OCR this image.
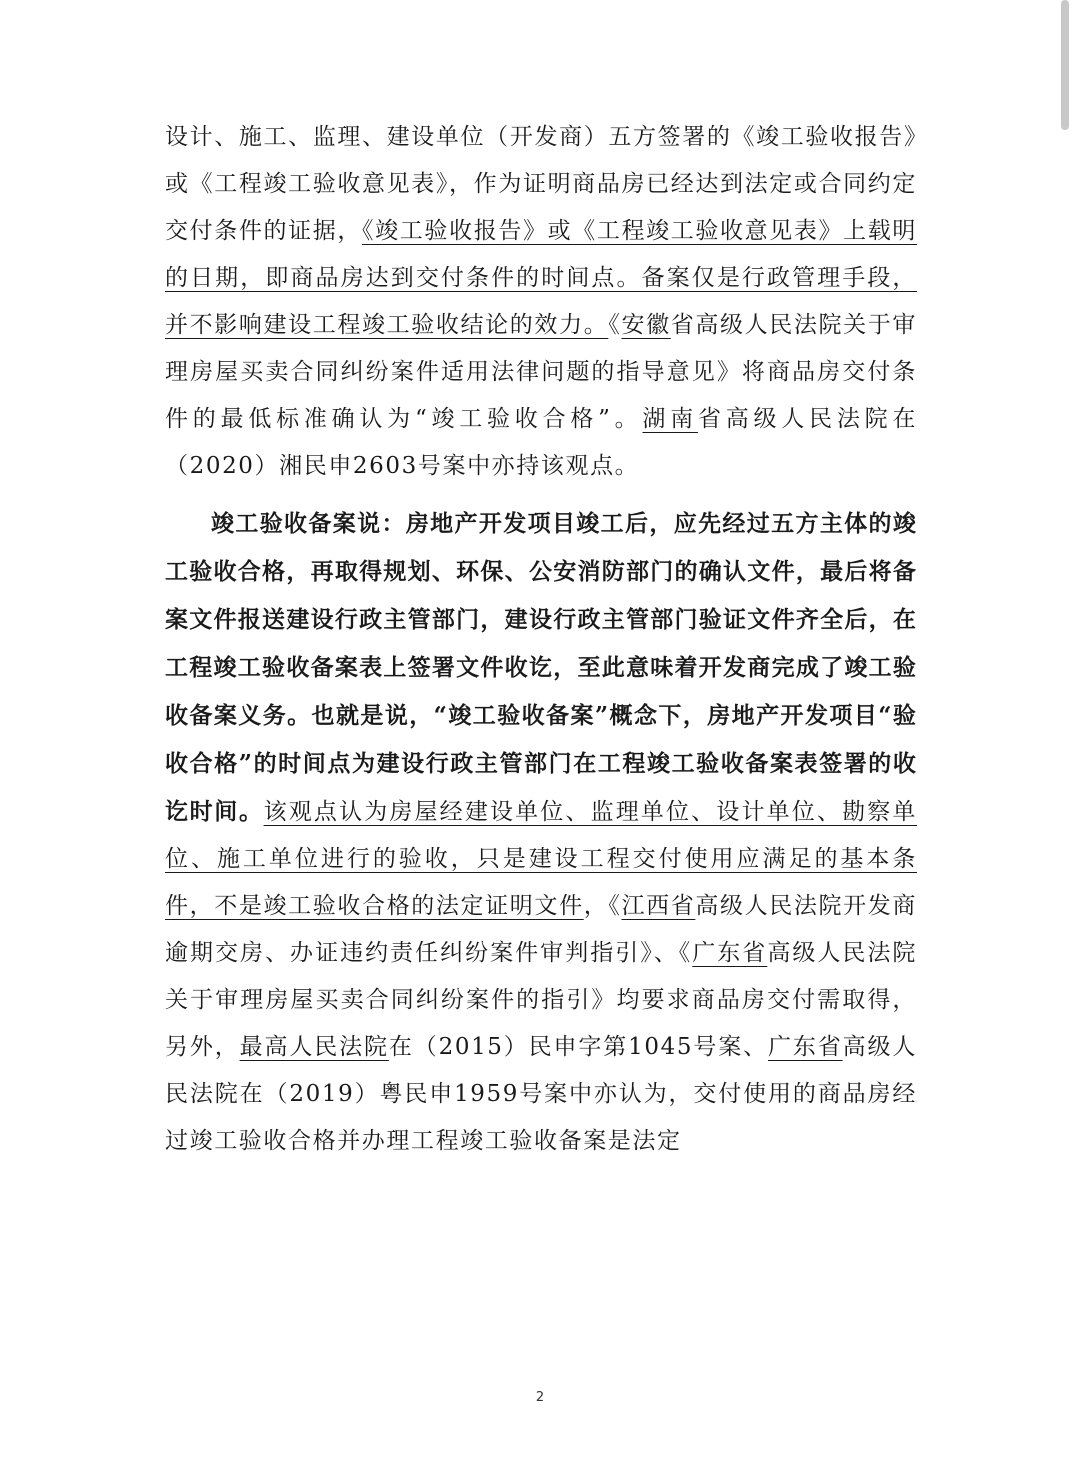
设计、施工、监理、建设单位（开发商）五方签署的《竣工验收报告》或《工程竣工验收意见表》，作为证明商品房已经达到法定或合同约定交付条件的证据，《竣工验收报告》或《工程竣工验收意见表》上载明的日期，即商品房达到交付条件的时间点。备案仅是行政管理手段，并不影响建设工程竣工验收结论的效力。《安徽省高级人民法院关于审理房屋买卖合同纠纷案件适用法律问题的指导意见》将商品房交付条件的最低标准确认为“竣工验收合格”。湖南省高级人民法院在（2020）湘民申2603号案中亦持该观点。

竣工验收备案说：房地产开发项目竣工后，应先经过五方主体的竣工验收合格，再取得规划、环保、公安消防部门的确认文件，最后将备案文件报送建设行政主管部门，建设行政主管部门验证文件齐全后，在工程竣工验收备案表上签署文件收讫，至此意味着开发商完成了竣工验收备案义务。也就是说，“竣工验收备案”概念下，房地产开发项目“验收合格”的时间点为建设行政主管部门在工程竣工验收备案表签署的收讫时间。该观点认为房屋经建设单位、监理单位、设计单位、勘察单位、施工单位进行的验收，只是建设工程交付使用应满足的基本条件，不是竣工验收合格的法定证明文件，《江西省高级人民法院开发商逾期交房、办证违约责任纠纷案件审判指引》、《广东省高级人民法院关于审理房屋买卖合同纠纷案件的指引》均要求商品房交付需取得，另外，最高人民法院在（2015）民申字第1045号案、广东省高级人民法院在（2019）粤民申1959号案中亦认为，交付使用的商品房经过竣工验收合格并办理工程竣工验收备案是法定

2
